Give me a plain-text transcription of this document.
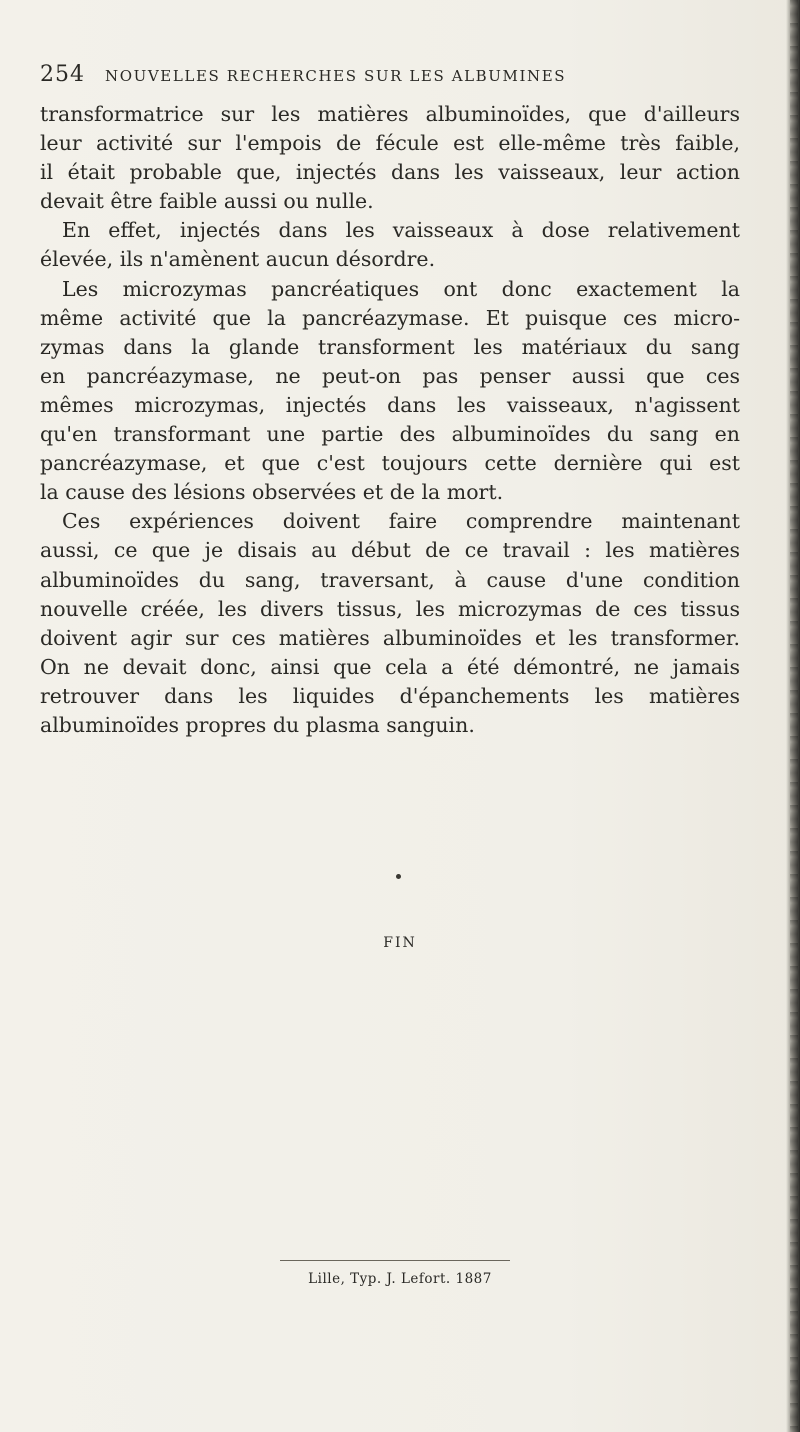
254 NOUVELLES RECHERCHES SUR LES ALBUMINES
transformatrice sur les matières albuminoïdes, que d'ailleurs
leur activité sur l'empois de fécule est elle-même très faible,
il était probable que, injectés dans les vaisseaux, leur action
devait être faible aussi ou nulle.
En effet, injectés dans les vaisseaux à dose relativement
élevée, ils n'amènent aucun désordre.
Les microzymas pancréatiques ont donc exactement la
même activité que la pancréazymase. Et puisque ces micro-
zymas dans la glande transforment les matériaux du sang
en pancréazymase, ne peut-on pas penser aussi que ces
mêmes microzymas, injectés dans les vaisseaux, n'agissent
qu'en transformant une partie des albuminoïdes du sang en
pancréazymase, et que c'est toujours cette dernière qui est
la cause des lésions observées et de la mort.
Ces expériences doivent faire comprendre maintenant
aussi, ce que je disais au début de ce travail : les matières
albuminoïdes du sang, traversant, à cause d'une condition
nouvelle créée, les divers tissus, les microzymas de ces tissus
doivent agir sur ces matières albuminoïdes et les transformer.
On ne devait donc, ainsi que cela a été démontré, ne jamais
retrouver dans les liquides d'épanchements les matières
albuminoïdes propres du plasma sanguin.
FIN
Lille, Typ. J. Lefort. 1887
